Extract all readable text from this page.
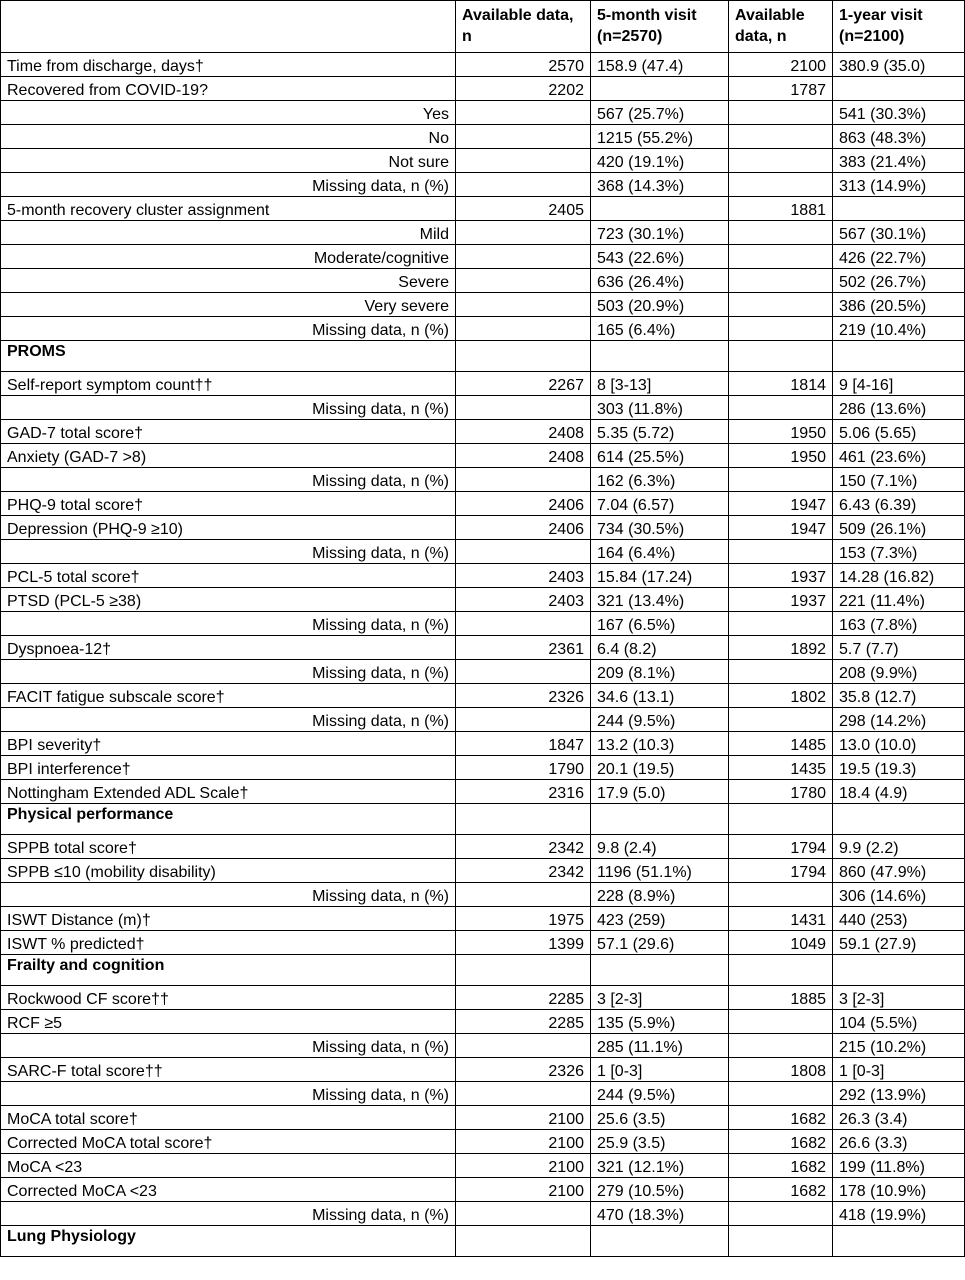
	Available data, n	5-month visit (n=2570)	Available data, n	1-year visit (n=2100)
Time from discharge, days†	2570	158.9 (47.4)	2100	380.9 (35.0)
Recovered from COVID-19?	2202		1787	
Yes		567 (25.7%)		541 (30.3%)
No		1215 (55.2%)		863 (48.3%)
Not sure		420 (19.1%)		383 (21.4%)
Missing data, n (%)		368 (14.3%)		313 (14.9%)
5-month recovery cluster assignment	2405		1881	
Mild		723 (30.1%)		567 (30.1%)
Moderate/cognitive		543 (22.6%)		426 (22.7%)
Severe		636 (26.4%)		502 (26.7%)
Very severe		503 (20.9%)		386 (20.5%)
Missing data, n (%)		165 (6.4%)		219 (10.4%)
PROMS				
Self-report symptom count††	2267	8 [3-13]	1814	9 [4-16]
Missing data, n (%)		303 (11.8%)		286 (13.6%)
GAD-7 total score†	2408	5.35 (5.72)	1950	5.06 (5.65)
Anxiety (GAD-7 >8)	2408	614 (25.5%)	1950	461 (23.6%)
Missing data, n (%)		162 (6.3%)		150 (7.1%)
PHQ-9 total score†	2406	7.04 (6.57)	1947	6.43 (6.39)
Depression (PHQ-9 ≥10)	2406	734 (30.5%)	1947	509 (26.1%)
Missing data, n (%)		164 (6.4%)		153 (7.3%)
PCL-5 total score†	2403	15.84 (17.24)	1937	14.28 (16.82)
PTSD (PCL-5 ≥38)	2403	321 (13.4%)	1937	221 (11.4%)
Missing data, n (%)		167 (6.5%)		163 (7.8%)
Dyspnoea-12†	2361	6.4 (8.2)	1892	5.7 (7.7)
Missing data, n (%)		209 (8.1%)		208 (9.9%)
FACIT fatigue subscale score†	2326	34.6 (13.1)	1802	35.8 (12.7)
Missing data, n (%)		244 (9.5%)		298 (14.2%)
BPI severity†	1847	13.2 (10.3)	1485	13.0 (10.0)
BPI interference†	1790	20.1 (19.5)	1435	19.5 (19.3)
Nottingham Extended ADL Scale†	2316	17.9 (5.0)	1780	18.4 (4.9)
Physical performance				
SPPB total score†	2342	9.8 (2.4)	1794	9.9 (2.2)
SPPB ≤10 (mobility disability)	2342	1196 (51.1%)	1794	860 (47.9%)
Missing data, n (%)		228 (8.9%)		306 (14.6%)
ISWT Distance (m)†	1975	423 (259)	1431	440 (253)
ISWT % predicted†	1399	57.1 (29.6)	1049	59.1 (27.9)
Frailty and cognition				
Rockwood CF score††	2285	3 [2-3]	1885	3 [2-3]
RCF ≥5	2285	135 (5.9%)		104 (5.5%)
Missing data, n (%)		285 (11.1%)		215 (10.2%)
SARC-F total score††	2326	1 [0-3]	1808	1 [0-3]
Missing data, n (%)		244 (9.5%)		292 (13.9%)
MoCA total score†	2100	25.6 (3.5)	1682	26.3 (3.4)
Corrected MoCA total score†	2100	25.9 (3.5)	1682	26.6 (3.3)
MoCA <23	2100	321 (12.1%)	1682	199 (11.8%)
Corrected MoCA <23	2100	279 (10.5%)	1682	178 (10.9%)
Missing data, n (%)		470 (18.3%)		418 (19.9%)
Lung Physiology				
